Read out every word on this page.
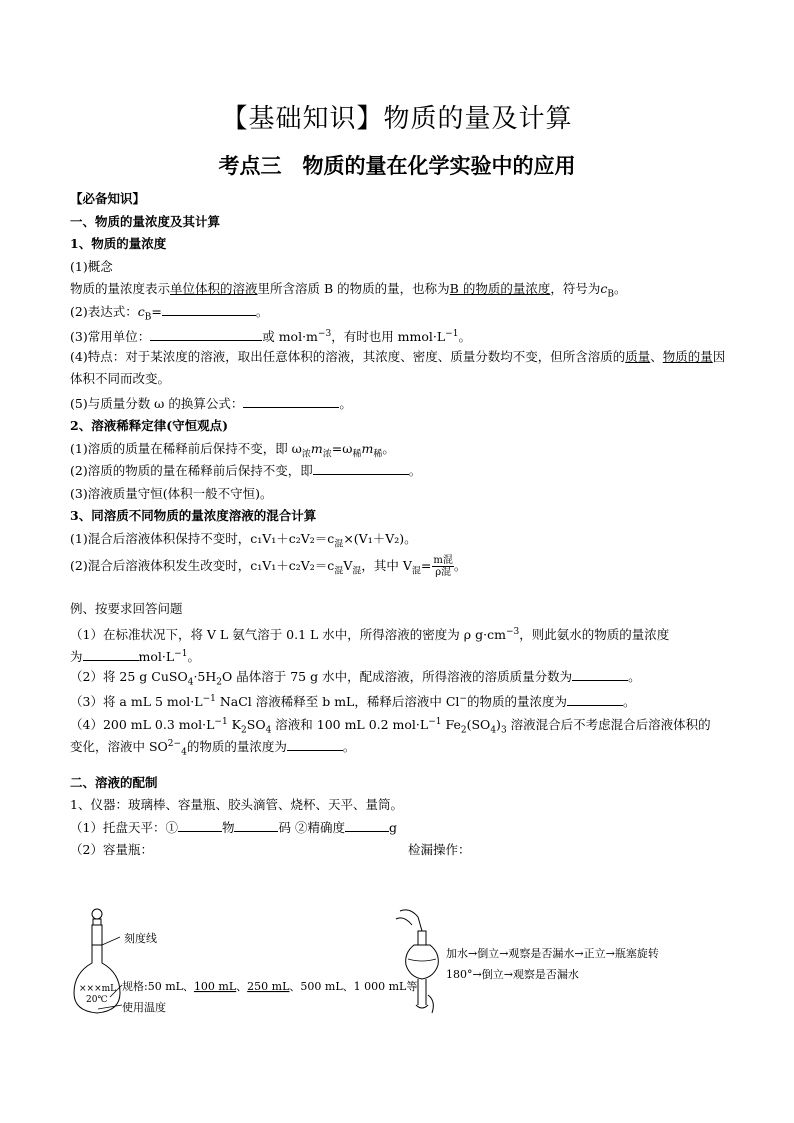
【基础知识】物质的量及计算
考点三　物质的量在化学实验中的应用
【必备知识】
一、物质的量浓度及其计算
1、物质的量浓度
(1)概念
物质的量浓度表示单位体积的溶液里所含溶质 B 的物质的量，也称为B 的物质的量浓度，符号为$c_B$。
(2)表达式：$c_B=$	。
(3)常用单位：	或 $mol\cdot m^{-3}$，有时也用 $mmol\cdot L^{-1}$。
(4)特点：对于某浓度的溶液，取出任意体积的溶液，其浓度、密度、质量分数均不变，但所含溶质的质量、物质的量因体积不同而改变。
(5)与质量分数 ω 的换算公式：	。
2、溶液稀释定律(守恒观点)
(1)溶质的质量在稀释前后保持不变，即 $\omega_浓m_浓=\omega_稀m_稀$。
(2)溶质的物质的量在稀释前后保持不变，即	。
(3)溶液质量守恒(体积一般不守恒)。
3、同溶质不同物质的量浓度溶液的混合计算
(1)混合后溶液体积保持不变时，$c_1V_1+c_2V_2=c_混\times(V_1+V_2)$。
(2)混合后溶液体积发生改变时，$c_1V_1+c_2V_2=c_混V_混$，其中 $V_混= \frac{\text{m混}}{\text{ρ混}}$ 。
例、按要求回答问题
（1）在标准状况下，将 V L 氨气溶于 0.1 L 水中，所得溶液的密度为 ρ $g\cdot cm^{-3}$，则此氨水的物质的量浓度
为	$mol\cdot L^{-1}$。
（2）将 25 g $CuSO_4\cdot 5H_2O$ 晶体溶于 75 g 水中，配成溶液，所得溶液的溶质质量分数为	。
（3）将 a mL 5 $mol\cdot L^{-1}$ NaCl 溶液稀释至 b mL，稀释后溶液中 Cl−的物质的量浓度为	。
（4）200 mL 0.3 $mol\cdot L^{-1}$ $K_2SO_4$ 溶液和 100 mL 0.2 $mol\cdot L^{-1}$ $Fe_2(SO_4)_3$ 溶液混合后不考虑混合后溶液体积的
变化，溶液中 $SO^{2-}_4$的物质的量浓度为	。
二、溶液的配制
1、仪器：玻璃棒、容量瓶、胶头滴管、烧杯、天平、量筒。
（1）托盘天平：①	物	码 ②精确度	g
（2）容量瓶：	检漏操作：
刻度线
×××mL
20℃
规格:50 mL、100 mL、250 mL、500 mL、1 000 mL等
使用温度
加水→倒立→观察是否漏水→正立→瓶塞旋转
180°→倒立→观察是否漏水
